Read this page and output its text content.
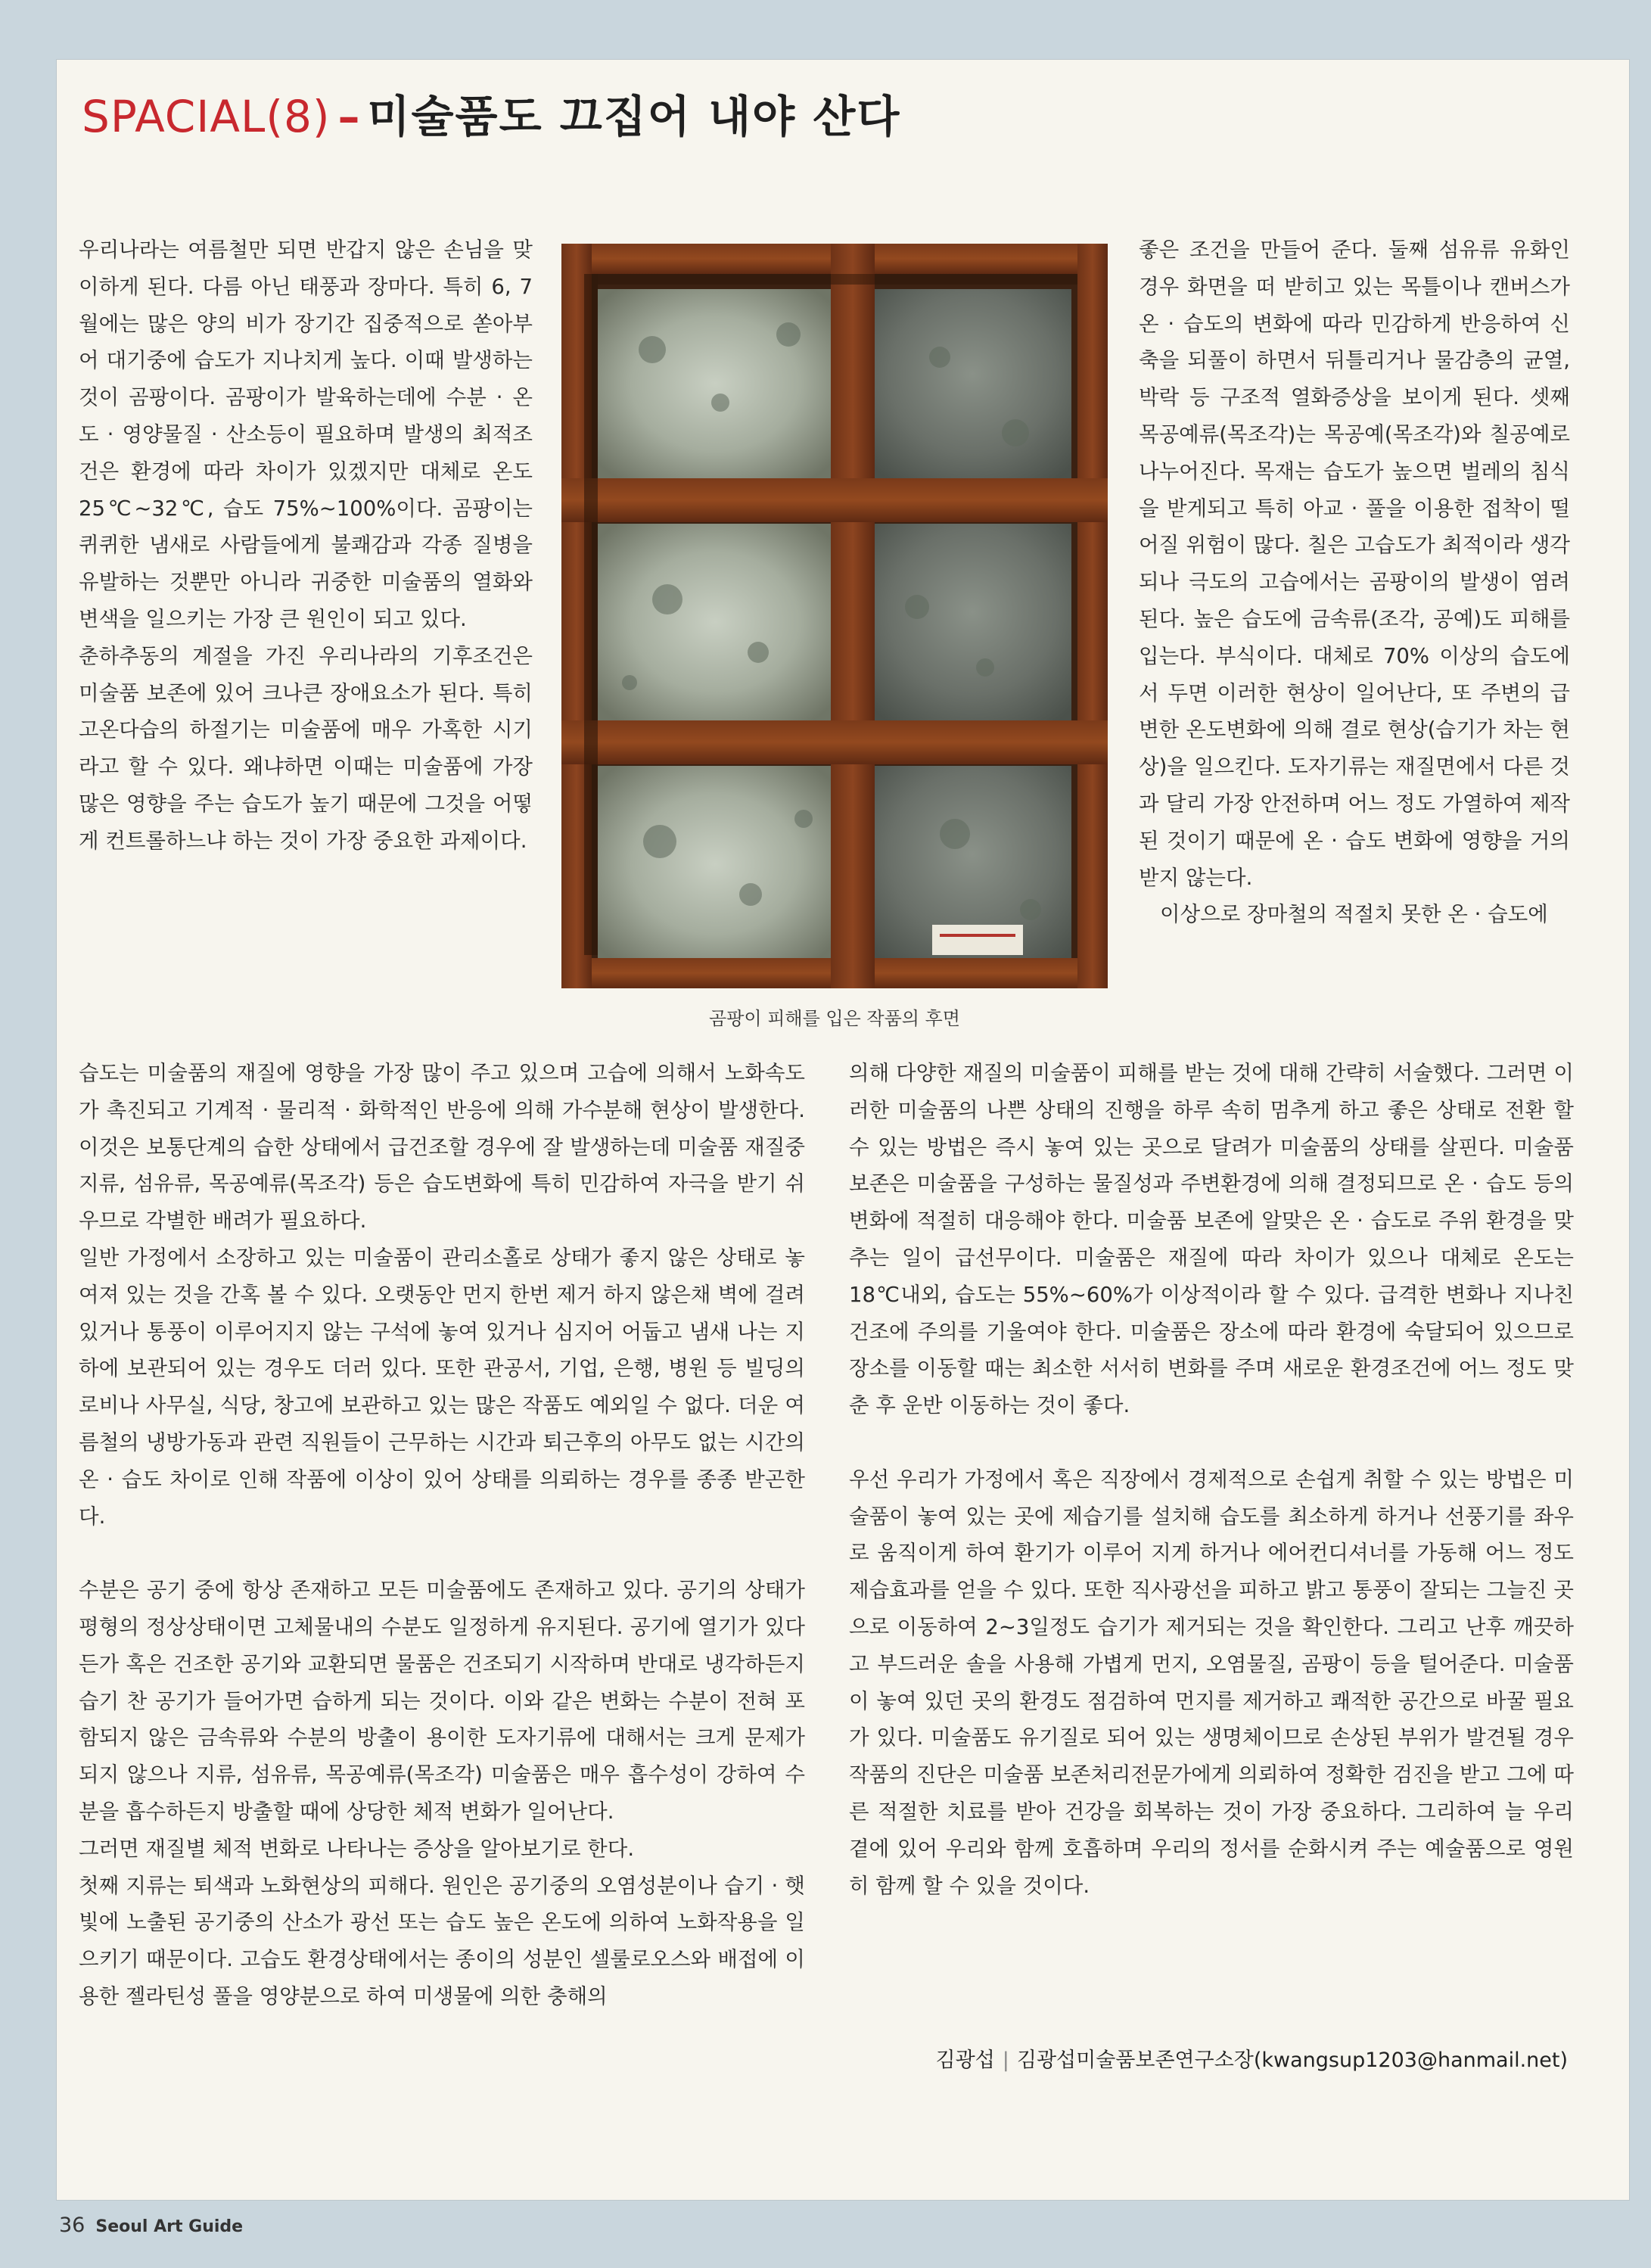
SPACIAL(8) – 미술품도 끄집어 내야 산다

우리나라는 여름철만 되면 반갑지 않은 손님을 맞이하게 된다. 다름 아닌 태풍과 장마다. 특히 6, 7월에는 많은 양의 비가 장기간 집중적으로 쏟아부어 대기중에 습도가 지나치게 높다. 이때 발생하는 것이 곰팡이다. 곰팡이가 발육하는데에 수분 · 온도 · 영양물질 · 산소등이 필요하며 발생의 최적조건은 환경에 따라 차이가 있겠지만 대체로 온도 25℃~32℃, 습도 75%~100%이다. 곰팡이는 퀴퀴한 냄새로 사람들에게 불쾌감과 각종 질병을 유발하는 것뿐만 아니라 귀중한 미술품의 열화와 변색을 일으키는 가장 큰 원인이 되고 있다.

춘하추동의 계절을 가진 우리나라의 기후조건은 미술품 보존에 있어 크나큰 장애요소가 된다. 특히 고온다습의 하절기는 미술품에 매우 가혹한 시기라고 할 수 있다. 왜냐하면 이때는 미술품에 가장 많은 영향을 주는 습도가 높기 때문에 그것을 어떻게 컨트롤하느냐 하는 것이 가장 중요한 과제이다.

곰팡이 피해를 입은 작품의 후면

좋은 조건을 만들어 준다. 둘째 섬유류 유화인 경우 화면을 떠 받히고 있는 목틀이나 캔버스가 온 · 습도의 변화에 따라 민감하게 반응하여 신축을 되풀이 하면서 뒤틀리거나 물감층의 균열, 박락 등 구조적 열화증상을 보이게 된다. 셋째 목공예류(목조각)는 목공예(목조각)와 칠공예로 나누어진다. 목재는 습도가 높으면 벌레의 침식을 받게되고 특히 아교 · 풀을 이용한 접착이 떨어질 위험이 많다. 칠은 고습도가 최적이라 생각되나 극도의 고습에서는 곰팡이의 발생이 염려된다. 높은 습도에 금속류(조각, 공예)도 피해를 입는다. 부식이다. 대체로 70% 이상의 습도에서 두면 이러한 현상이 일어난다, 또 주변의 급변한 온도변화에 의해 결로 현상(습기가 차는 현상)을 일으킨다. 도자기류는 재질면에서 다른 것과 달리 가장 안전하며 어느 정도 가열하여 제작된 것이기 때문에 온 · 습도 변화에 영향을 거의 받지 않는다.

이상으로 장마철의 적절치 못한 온 · 습도에

습도는 미술품의 재질에 영향을 가장 많이 주고 있으며 고습에 의해서 노화속도가 촉진되고 기계적 · 물리적 · 화학적인 반응에 의해 가수분해 현상이 발생한다. 이것은 보통단계의 습한 상태에서 급건조할 경우에 잘 발생하는데 미술품 재질중 지류, 섬유류, 목공예류(목조각) 등은 습도변화에 특히 민감하여 자극을 받기 쉬우므로 각별한 배려가 필요하다.

일반 가정에서 소장하고 있는 미술품이 관리소홀로 상태가 좋지 않은 상태로 놓여져 있는 것을 간혹 볼 수 있다. 오랫동안 먼지 한번 제거 하지 않은채 벽에 걸려 있거나 통풍이 이루어지지 않는 구석에 놓여 있거나 심지어 어둡고 냄새 나는 지하에 보관되어 있는 경우도 더러 있다. 또한 관공서, 기업, 은행, 병원 등 빌딩의 로비나 사무실, 식당, 창고에 보관하고 있는 많은 작품도 예외일 수 없다. 더운 여름철의 냉방가동과 관련 직원들이 근무하는 시간과 퇴근후의 아무도 없는 시간의 온 · 습도 차이로 인해 작품에 이상이 있어 상태를 의뢰하는 경우를 종종 받곤한다.

수분은 공기 중에 항상 존재하고 모든 미술품에도 존재하고 있다. 공기의 상태가 평형의 정상상태이면 고체물내의 수분도 일정하게 유지된다. 공기에 열기가 있다든가 혹은 건조한 공기와 교환되면 물품은 건조되기 시작하며 반대로 냉각하든지 습기 찬 공기가 들어가면 습하게 되는 것이다. 이와 같은 변화는 수분이 전혀 포함되지 않은 금속류와 수분의 방출이 용이한 도자기류에 대해서는 크게 문제가 되지 않으나 지류, 섬유류, 목공예류(목조각) 미술품은 매우 흡수성이 강하여 수분을 흡수하든지 방출할 때에 상당한 체적 변화가 일어난다.

그러면 재질별 체적 변화로 나타나는 증상을 알아보기로 한다.

첫째 지류는 퇴색과 노화현상의 피해다. 원인은 공기중의 오염성분이나 습기 · 햇빛에 노출된 공기중의 산소가 광선 또는 습도 높은 온도에 의하여 노화작용을 일으키기 때문이다. 고습도 환경상태에서는 종이의 성분인 셀룰로오스와 배접에 이용한 젤라틴성 풀을 영양분으로 하여 미생물에 의한 충해의

의해 다양한 재질의 미술품이 피해를 받는 것에 대해 간략히 서술했다. 그러면 이러한 미술품의 나쁜 상태의 진행을 하루 속히 멈추게 하고 좋은 상태로 전환 할 수 있는 방법은 즉시 놓여 있는 곳으로 달려가 미술품의 상태를 살핀다. 미술품 보존은 미술품을 구성하는 물질성과 주변환경에 의해 결정되므로 온 · 습도 등의 변화에 적절히 대응해야 한다. 미술품 보존에 알맞은 온 · 습도로 주위 환경을 맞추는 일이 급선무이다. 미술품은 재질에 따라 차이가 있으나 대체로 온도는 18℃내외, 습도는 55%~60%가 이상적이라 할 수 있다. 급격한 변화나 지나친 건조에 주의를 기울여야 한다. 미술품은 장소에 따라 환경에 숙달되어 있으므로 장소를 이동할 때는 최소한 서서히 변화를 주며 새로운 환경조건에 어느 정도 맞춘 후 운반 이동하는 것이 좋다.

우선 우리가 가정에서 혹은 직장에서 경제적으로 손쉽게 취할 수 있는 방법은 미술품이 놓여 있는 곳에 제습기를 설치해 습도를 최소하게 하거나 선풍기를 좌우로 움직이게 하여 환기가 이루어 지게 하거나 에어컨디셔너를 가동해 어느 정도 제습효과를 얻을 수 있다. 또한 직사광선을 피하고 밝고 통풍이 잘되는 그늘진 곳으로 이동하여 2~3일정도 습기가 제거되는 것을 확인한다. 그리고 난후 깨끗하고 부드러운 솔을 사용해 가볍게 먼지, 오염물질, 곰팡이 등을 털어준다. 미술품이 놓여 있던 곳의 환경도 점검하여 먼지를 제거하고 쾌적한 공간으로 바꿀 필요가 있다. 미술품도 유기질로 되어 있는 생명체이므로 손상된 부위가 발견될 경우 작품의 진단은 미술품 보존처리전문가에게 의뢰하여 정확한 검진을 받고 그에 따른 적절한 치료를 받아 건강을 회복하는 것이 가장 중요하다. 그리하여 늘 우리 곁에 있어 우리와 함께 호흡하며 우리의 정서를 순화시켜 주는 예술품으로 영원히 함께 할 수 있을 것이다.

김광섭 | 김광섭미술품보존연구소장(kwangsup1203@hanmail.net)
36 Seoul Art Guide
